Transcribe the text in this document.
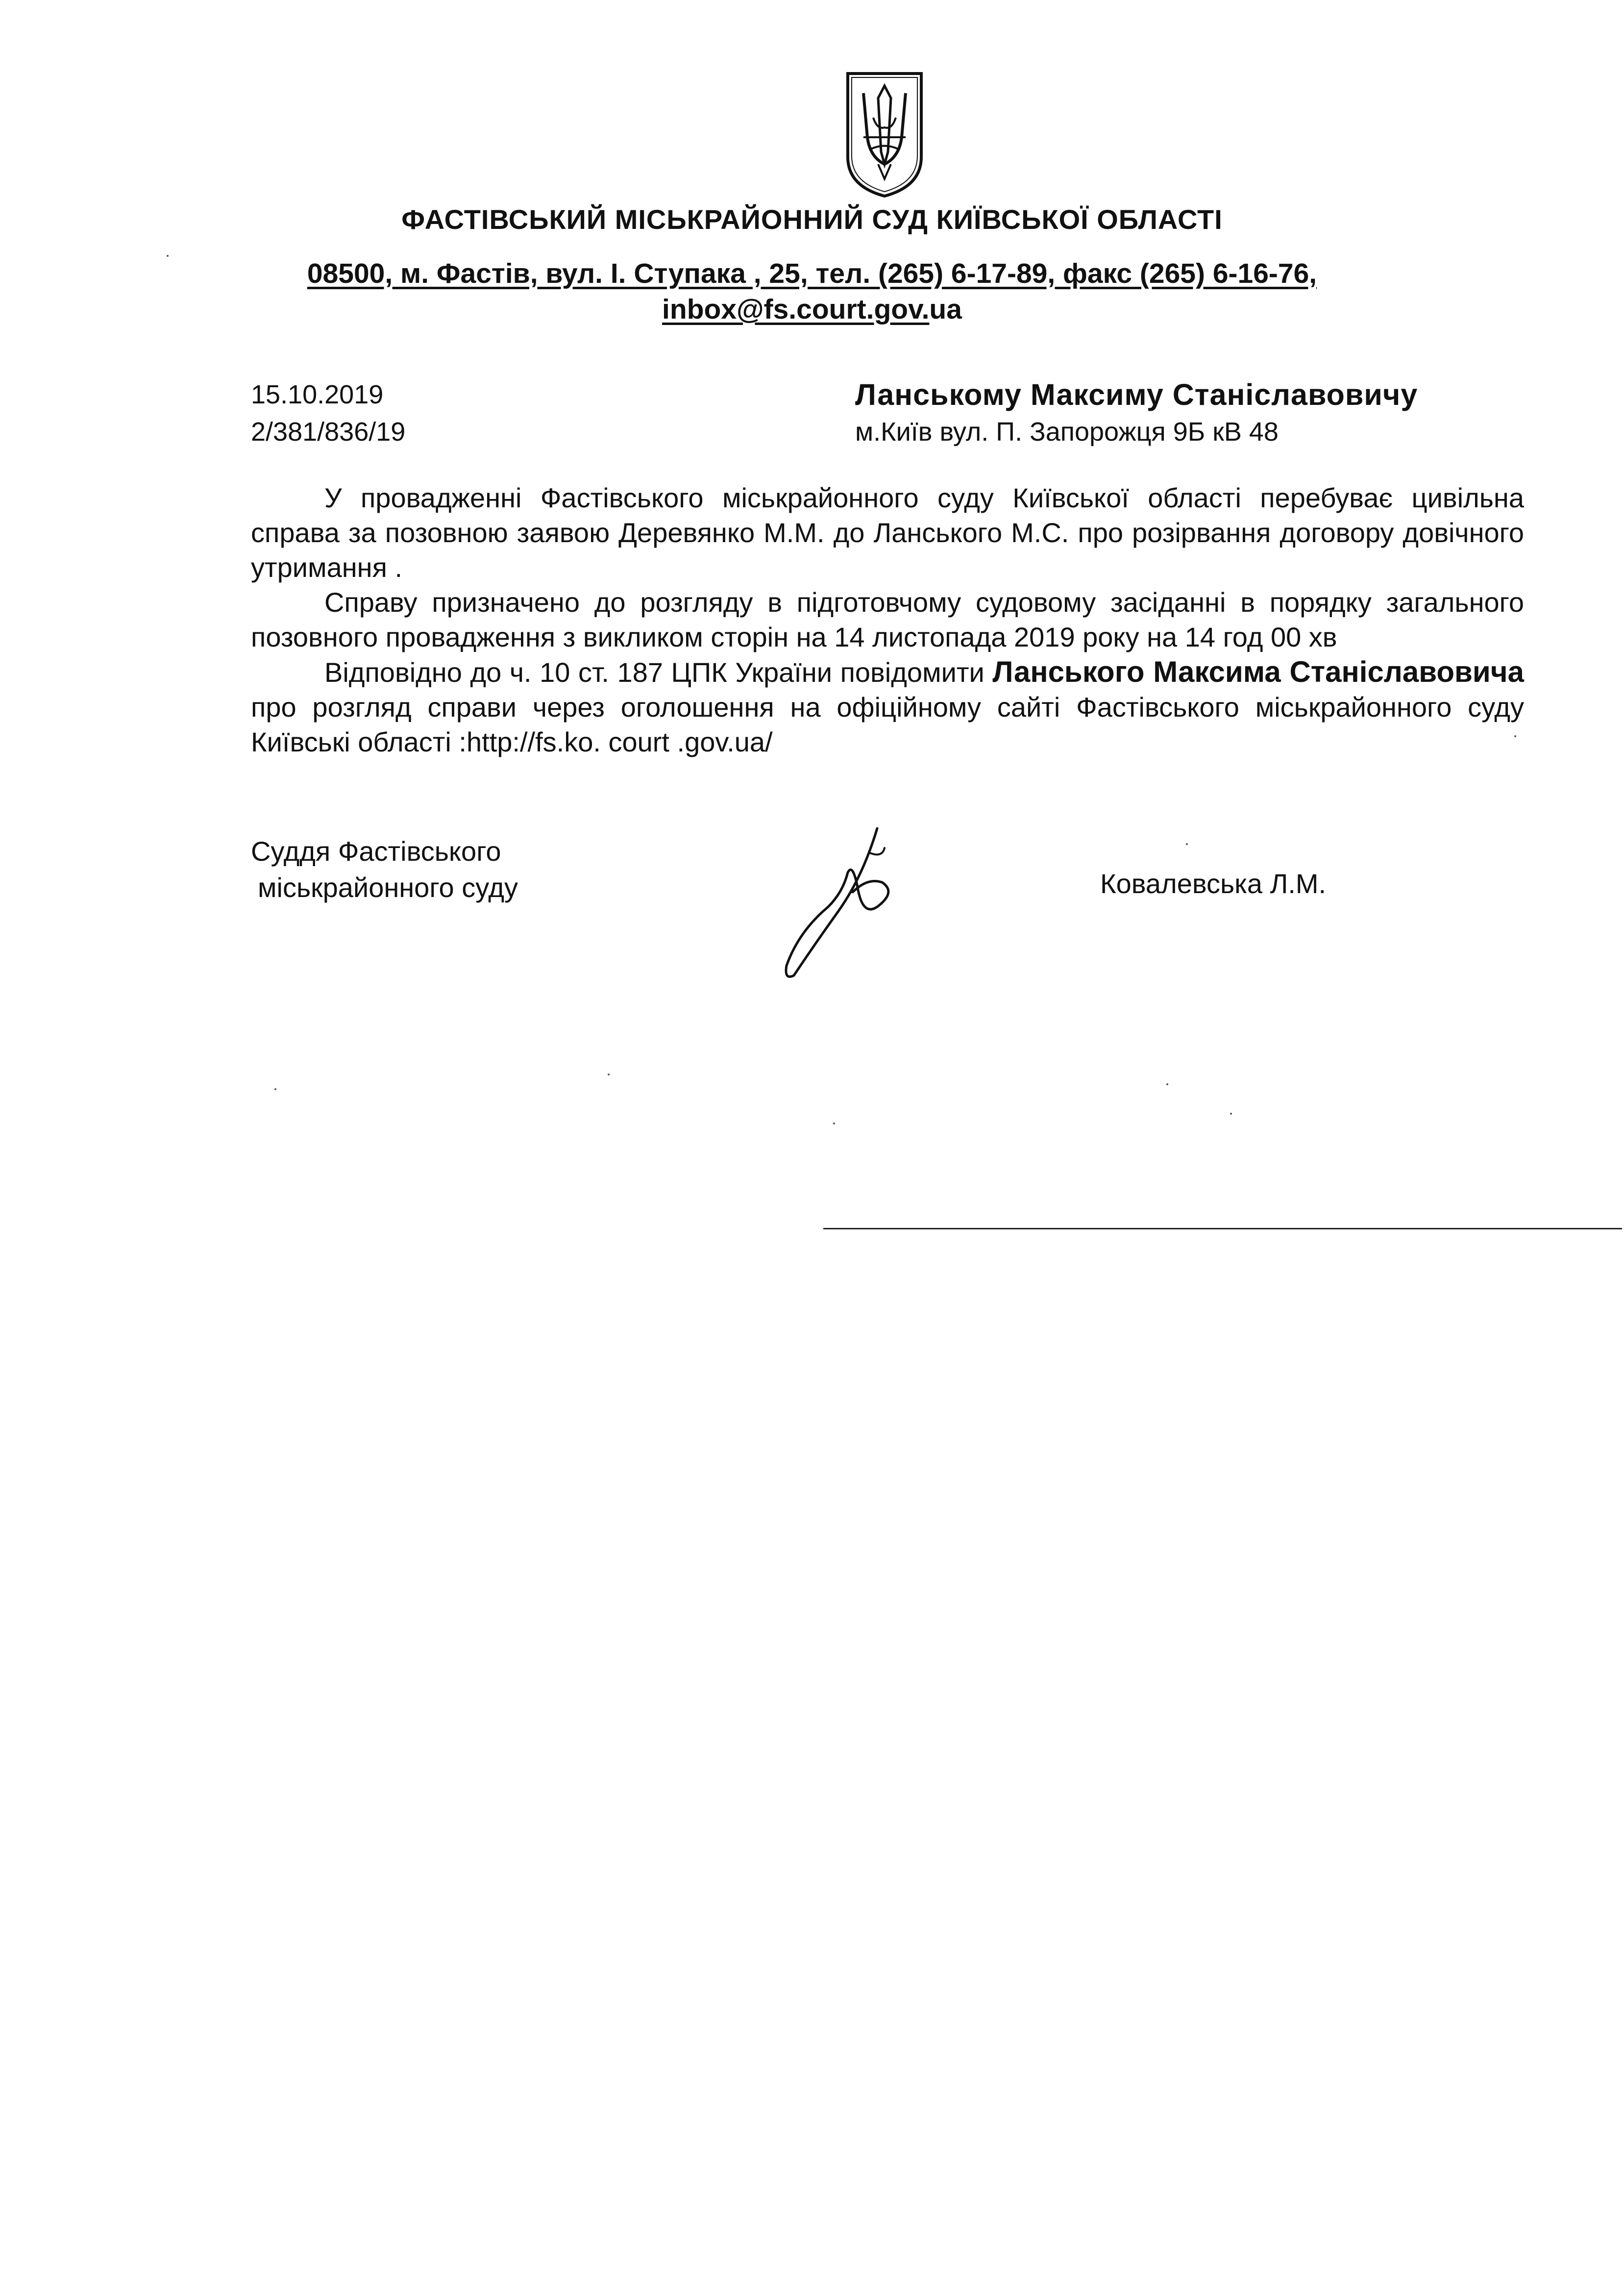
ФАСТІВСЬКИЙ МІСЬКРАЙОННИЙ СУД КИЇВСЬКОЇ ОБЛАСТІ
08500, м. Фастів, вул. І. Ступака , 25, тел. (265) 6-17-89, факс (265) 6-16-76,
inbox@fs.court.gov.ua
15.10.2019
2/381/836/19
Ланському Максиму Станіславовичу
м.Київ вул. П. Запорожця 9Б кВ 48

У провадженні Фастівського міськрайонного суду Київської області перебуває цивільна справа за позовною заявою Деревянко М.М. до Ланського М.С. про розірвання договору довічного утримання .

Справу призначено до розгляду в підготовчому судовому засіданні в порядку загального позовного провадження з викликом сторін на 14 листопада 2019 року на 14 год 00 хв

Відповідно до ч. 10 ст. 187 ЦПК України повідомити Ланського Максима Станіславовича про розгляд справи через оголошення на офіційному сайті Фастівського міськрайонного суду Київські області :http://fs.ko. court .gov.ua/

Суддя Фастівського
міськрайонного суду	Ковалевська Л.М.
